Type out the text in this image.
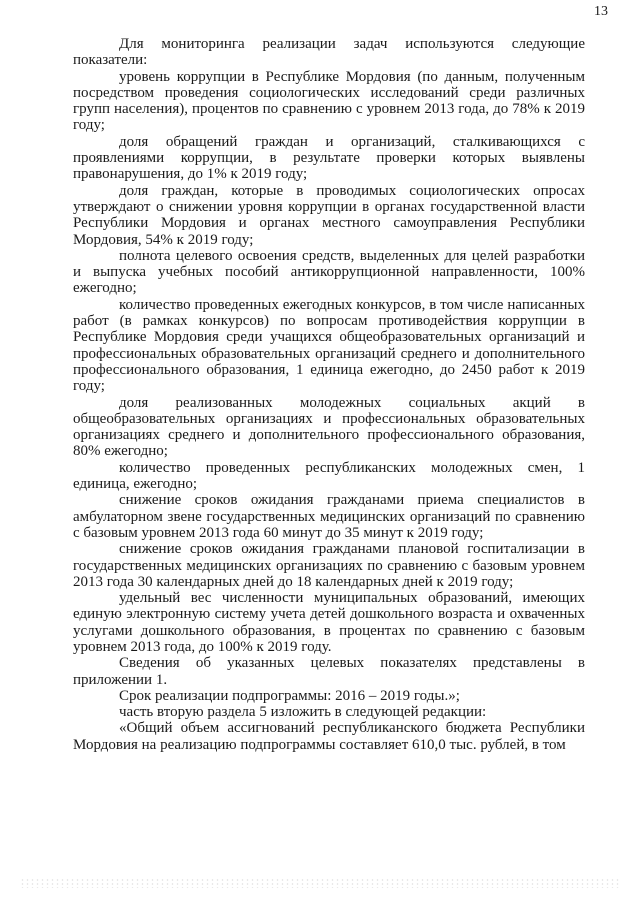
13

Для мониторинга реализации задач используются следующие показатели:

уровень коррупции в Республике Мордовия (по данным, полученным посредством проведения социологических исследований среди различных групп населения), процентов по сравнению с уровнем 2013 года, до 78% к 2019 году;

доля обращений граждан и организаций, сталкивающихся с проявлениями коррупции, в результате проверки которых выявлены правонарушения, до 1% к 2019 году;

доля граждан, которые в проводимых социологических опросах утверждают о снижении уровня коррупции в органах государственной власти Республики Мордовия и органах местного самоуправления Республики Мордовия, 54% к 2019 году;

полнота целевого освоения средств, выделенных для целей разработки и выпуска учебных пособий антикоррупционной направленности, 100% ежегодно;

количество проведенных ежегодных конкурсов, в том числе написанных работ (в рамках конкурсов) по вопросам противодействия коррупции в Республике Мордовия среди учащихся общеобразовательных организаций и профессиональных образовательных организаций среднего и дополнительного профессионального образования, 1 единица ежегодно, до 2450 работ к 2019 году;

доля реализованных молодежных социальных акций в общеобразовательных организациях и профессиональных образовательных организациях среднего и дополнительного профессионального образования, 80% ежегодно;

количество проведенных республиканских молодежных смен, 1 единица, ежегодно;

снижение сроков ожидания гражданами приема специалистов в амбулаторном звене государственных медицинских организаций по сравнению с базовым уровнем 2013 года 60 минут до 35 минут к 2019 году;

снижение сроков ожидания гражданами плановой госпитализации в государственных медицинских организациях по сравнению с базовым уровнем 2013 года 30 календарных дней до 18 календарных дней к 2019 году;

удельный вес численности муниципальных образований, имеющих единую электронную систему учета детей дошкольного возраста и охваченных услугами дошкольного образования, в процентах по сравнению с базовым уровнем 2013 года, до 100% к 2019 году.

Сведения об указанных целевых показателях представлены в приложении 1.

Срок реализации подпрограммы: 2016 – 2019 годы.»;

часть вторую раздела 5 изложить в следующей редакции:

«Общий объем ассигнований республиканского бюджета Республики Мордовия на реализацию подпрограммы составляет 610,0 тыс. рублей, в том
